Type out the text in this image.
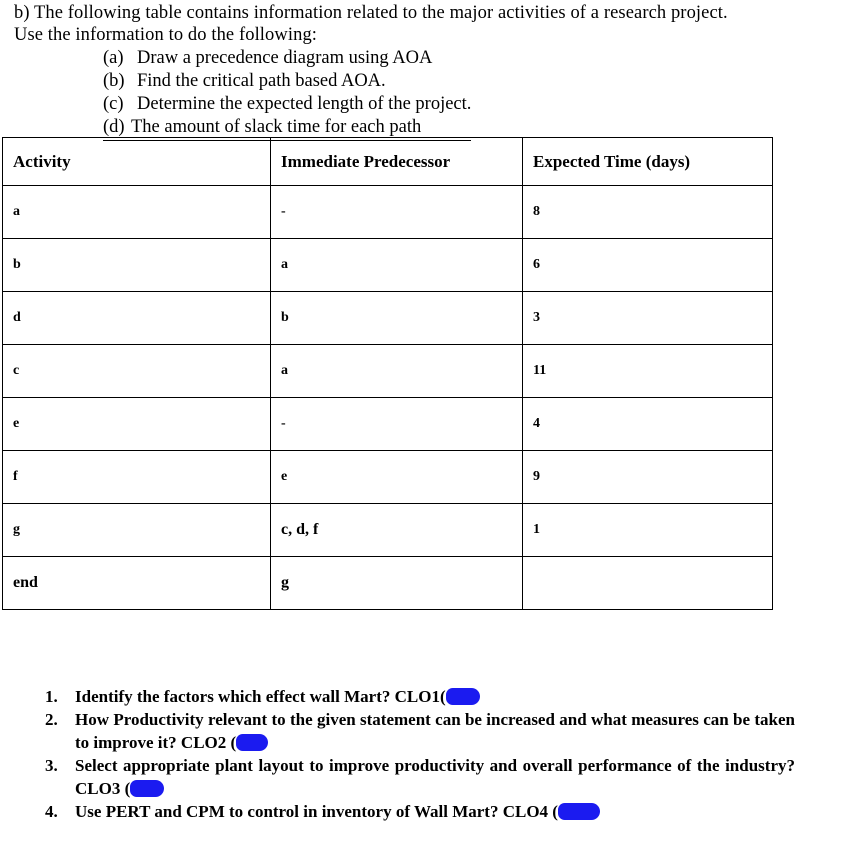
b) The following table contains information related to the major activities of a research project.
Use the information to do the following:
(a) Draw a precedence diagram using AOA
(b) Find the critical path based AOA.
(c) Determine the expected length of the project.
(d) The amount of slack time for each path
Activity	Immediate Predecessor	Expected Time (days)
a	-	8
b	a	6
d	b	3
c	a	11
e	-	4
f	e	9
g	c, d, f	1
end	g	
1.	Identify the factors which effect wall Mart? CLO1(
2.	How Productivity relevant to the given statement can be increased and what measures can be taken to improve it? CLO2 (
3.	Select appropriate plant layout to improve productivity and overall performance of the industry? CLO3 (
4.	Use PERT and CPM to control in inventory of Wall Mart? CLO4 (
